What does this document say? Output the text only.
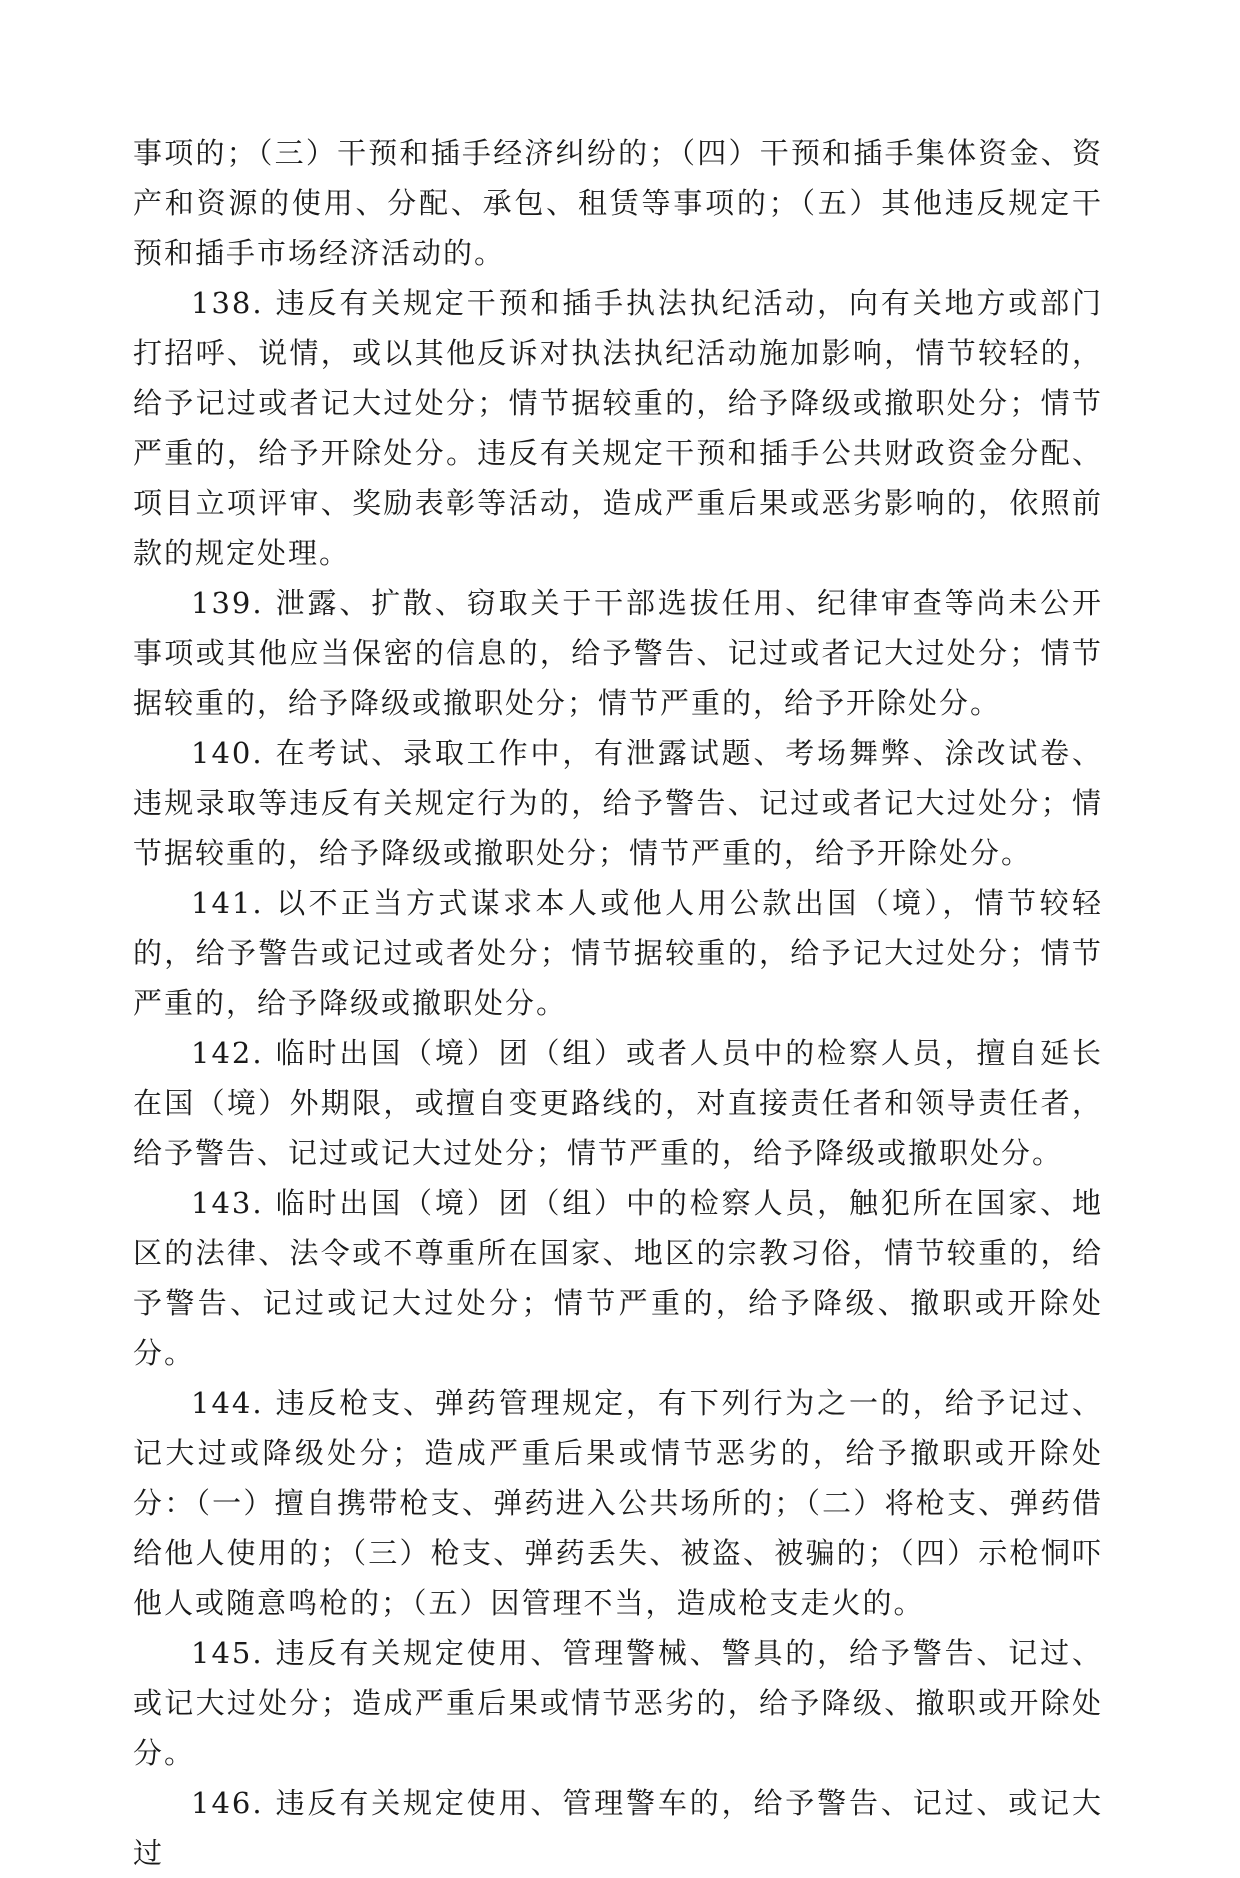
事项的；（三）干预和插手经济纠纷的；（四）干预和插手集体资金、资产和资源的使用、分配、承包、租赁等事项的；（五）其他违反规定干预和插手市场经济活动的。

138. 违反有关规定干预和插手执法执纪活动，向有关地方或部门打招呼、说情，或以其他反诉对执法执纪活动施加影响，情节较轻的，给予记过或者记大过处分；情节据较重的，给予降级或撤职处分；情节严重的，给予开除处分。违反有关规定干预和插手公共财政资金分配、项目立项评审、奖励表彰等活动，造成严重后果或恶劣影响的，依照前款的规定处理。

139. 泄露、扩散、窃取关于干部选拔任用、纪律审查等尚未公开事项或其他应当保密的信息的，给予警告、记过或者记大过处分；情节据较重的，给予降级或撤职处分；情节严重的，给予开除处分。

140. 在考试、录取工作中，有泄露试题、考场舞弊、涂改试卷、违规录取等违反有关规定行为的，给予警告、记过或者记大过处分；情节据较重的，给予降级或撤职处分；情节严重的，给予开除处分。

141. 以不正当方式谋求本人或他人用公款出国（境），情节较轻的，给予警告或记过或者处分；情节据较重的，给予记大过处分；情节严重的，给予降级或撤职处分。

142. 临时出国（境）团（组）或者人员中的检察人员，擅自延长在国（境）外期限，或擅自变更路线的，对直接责任者和领导责任者，给予警告、记过或记大过处分；情节严重的，给予降级或撤职处分。

143. 临时出国（境）团（组）中的检察人员，触犯所在国家、地区的法律、法令或不尊重所在国家、地区的宗教习俗，情节较重的，给予警告、记过或记大过处分；情节严重的，给予降级、撤职或开除处分。

144. 违反枪支、弹药管理规定，有下列行为之一的，给予记过、记大过或降级处分；造成严重后果或情节恶劣的，给予撤职或开除处分：（一）擅自携带枪支、弹药进入公共场所的；（二）将枪支、弹药借给他人使用的；（三）枪支、弹药丢失、被盗、被骗的；（四）示枪恫吓他人或随意鸣枪的；（五）因管理不当，造成枪支走火的。

145. 违反有关规定使用、管理警械、警具的，给予警告、记过、或记大过处分；造成严重后果或情节恶劣的，给予降级、撤职或开除处分。

146. 违反有关规定使用、管理警车的，给予警告、记过、或记大过
